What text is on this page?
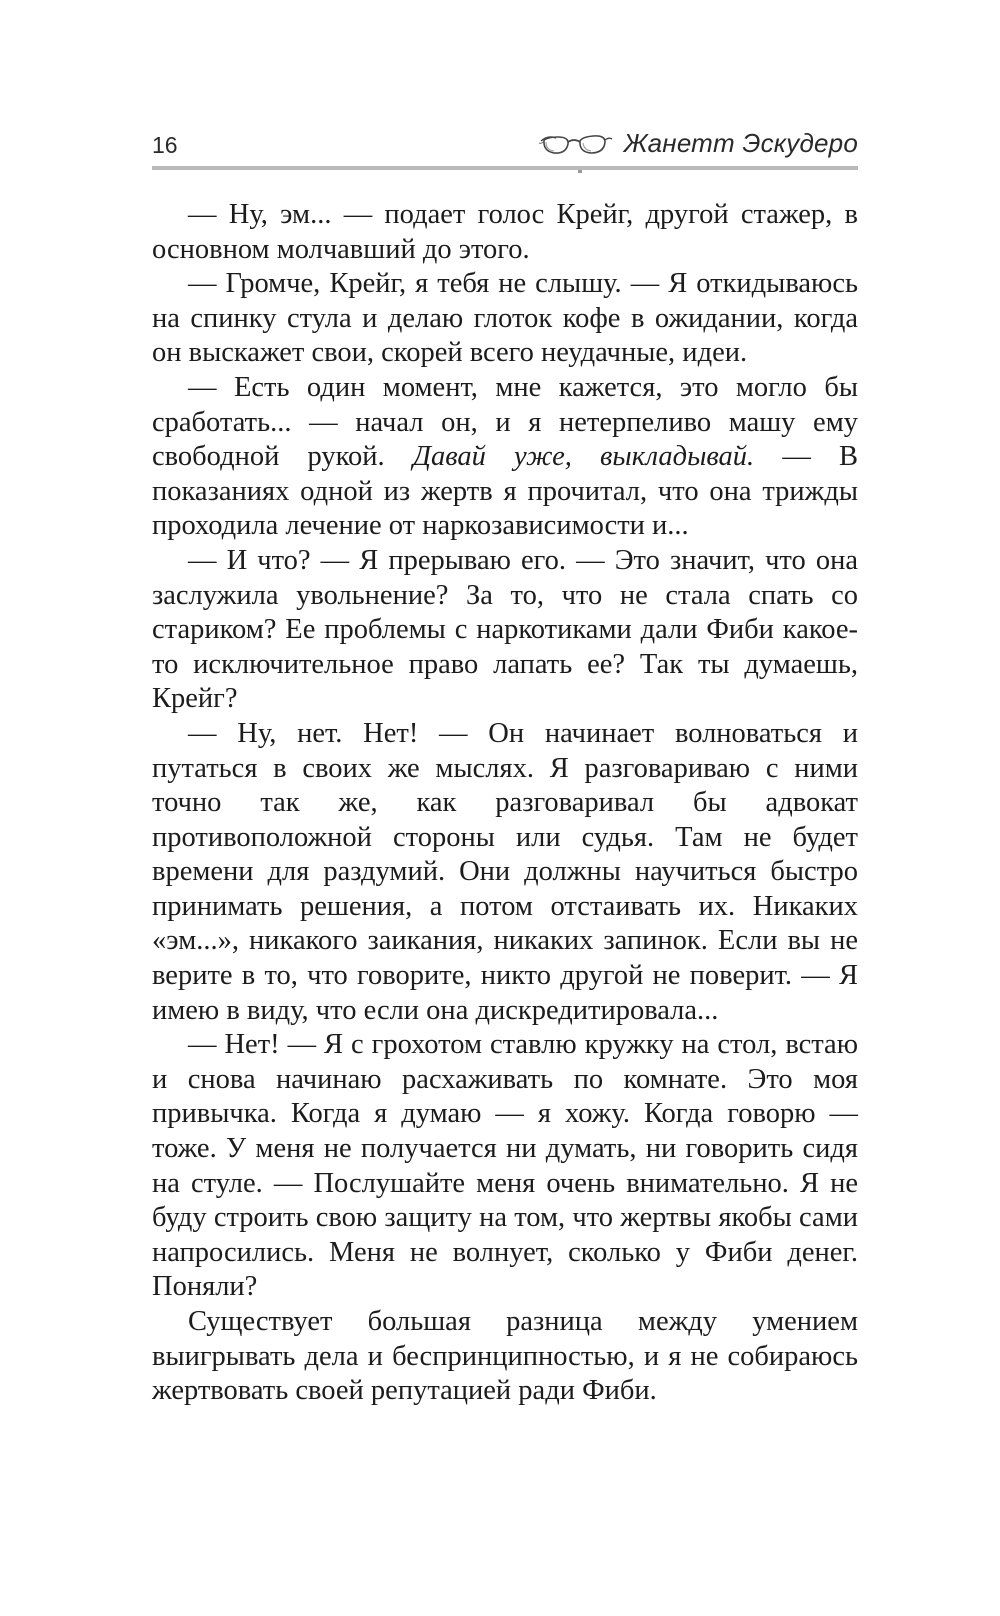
16	Жанетт Эскудеро

— Ну, эм... — подает голос Крейг, другой стажер, в основном молчавший до этого.

— Громче, Крейг, я тебя не слышу. — Я откидываюсь на спинку стула и делаю глоток кофе в ожидании, когда он выскажет свои, скорей всего неудачные, идеи.

— Есть один момент, мне кажется, это могло бы сработать... — начал он, и я нетерпеливо машу ему свободной рукой. Давай уже, выкладывай. — В показаниях одной из жертв я прочитал, что она трижды проходила лечение от наркозависимости и...

— И что? — Я прерываю его. — Это значит, что она заслужила увольнение? За то, что не стала спать со стариком? Ее проблемы с наркотиками дали Фиби какое-то исключительное право лапать ее? Так ты думаешь, Крейг?

— Ну, нет. Нет! — Он начинает волноваться и путаться в своих же мыслях. Я разговариваю с ними точно так же, как разговаривал бы адвокат противоположной стороны или судья. Там не будет времени для раздумий. Они должны научиться быстро принимать решения, а потом отстаивать их. Никаких «эм...», никакого заикания, никаких запинок. Если вы не верите в то, что говорите, никто другой не поверит. — Я имею в виду, что если она дискредитировала...

— Нет! — Я с грохотом ставлю кружку на стол, встаю и снова начинаю расхаживать по комнате. Это моя привычка. Когда я думаю — я хожу. Когда говорю — тоже. У меня не получается ни думать, ни говорить сидя на стуле. — Послушайте меня очень внимательно. Я не буду строить свою защиту на том, что жертвы якобы сами напросились. Меня не волнует, сколько у Фиби денег. Поняли?

Существует большая разница между умением выигрывать дела и беспринципностью, и я не собираюсь жертвовать своей репутацией ради Фиби.
